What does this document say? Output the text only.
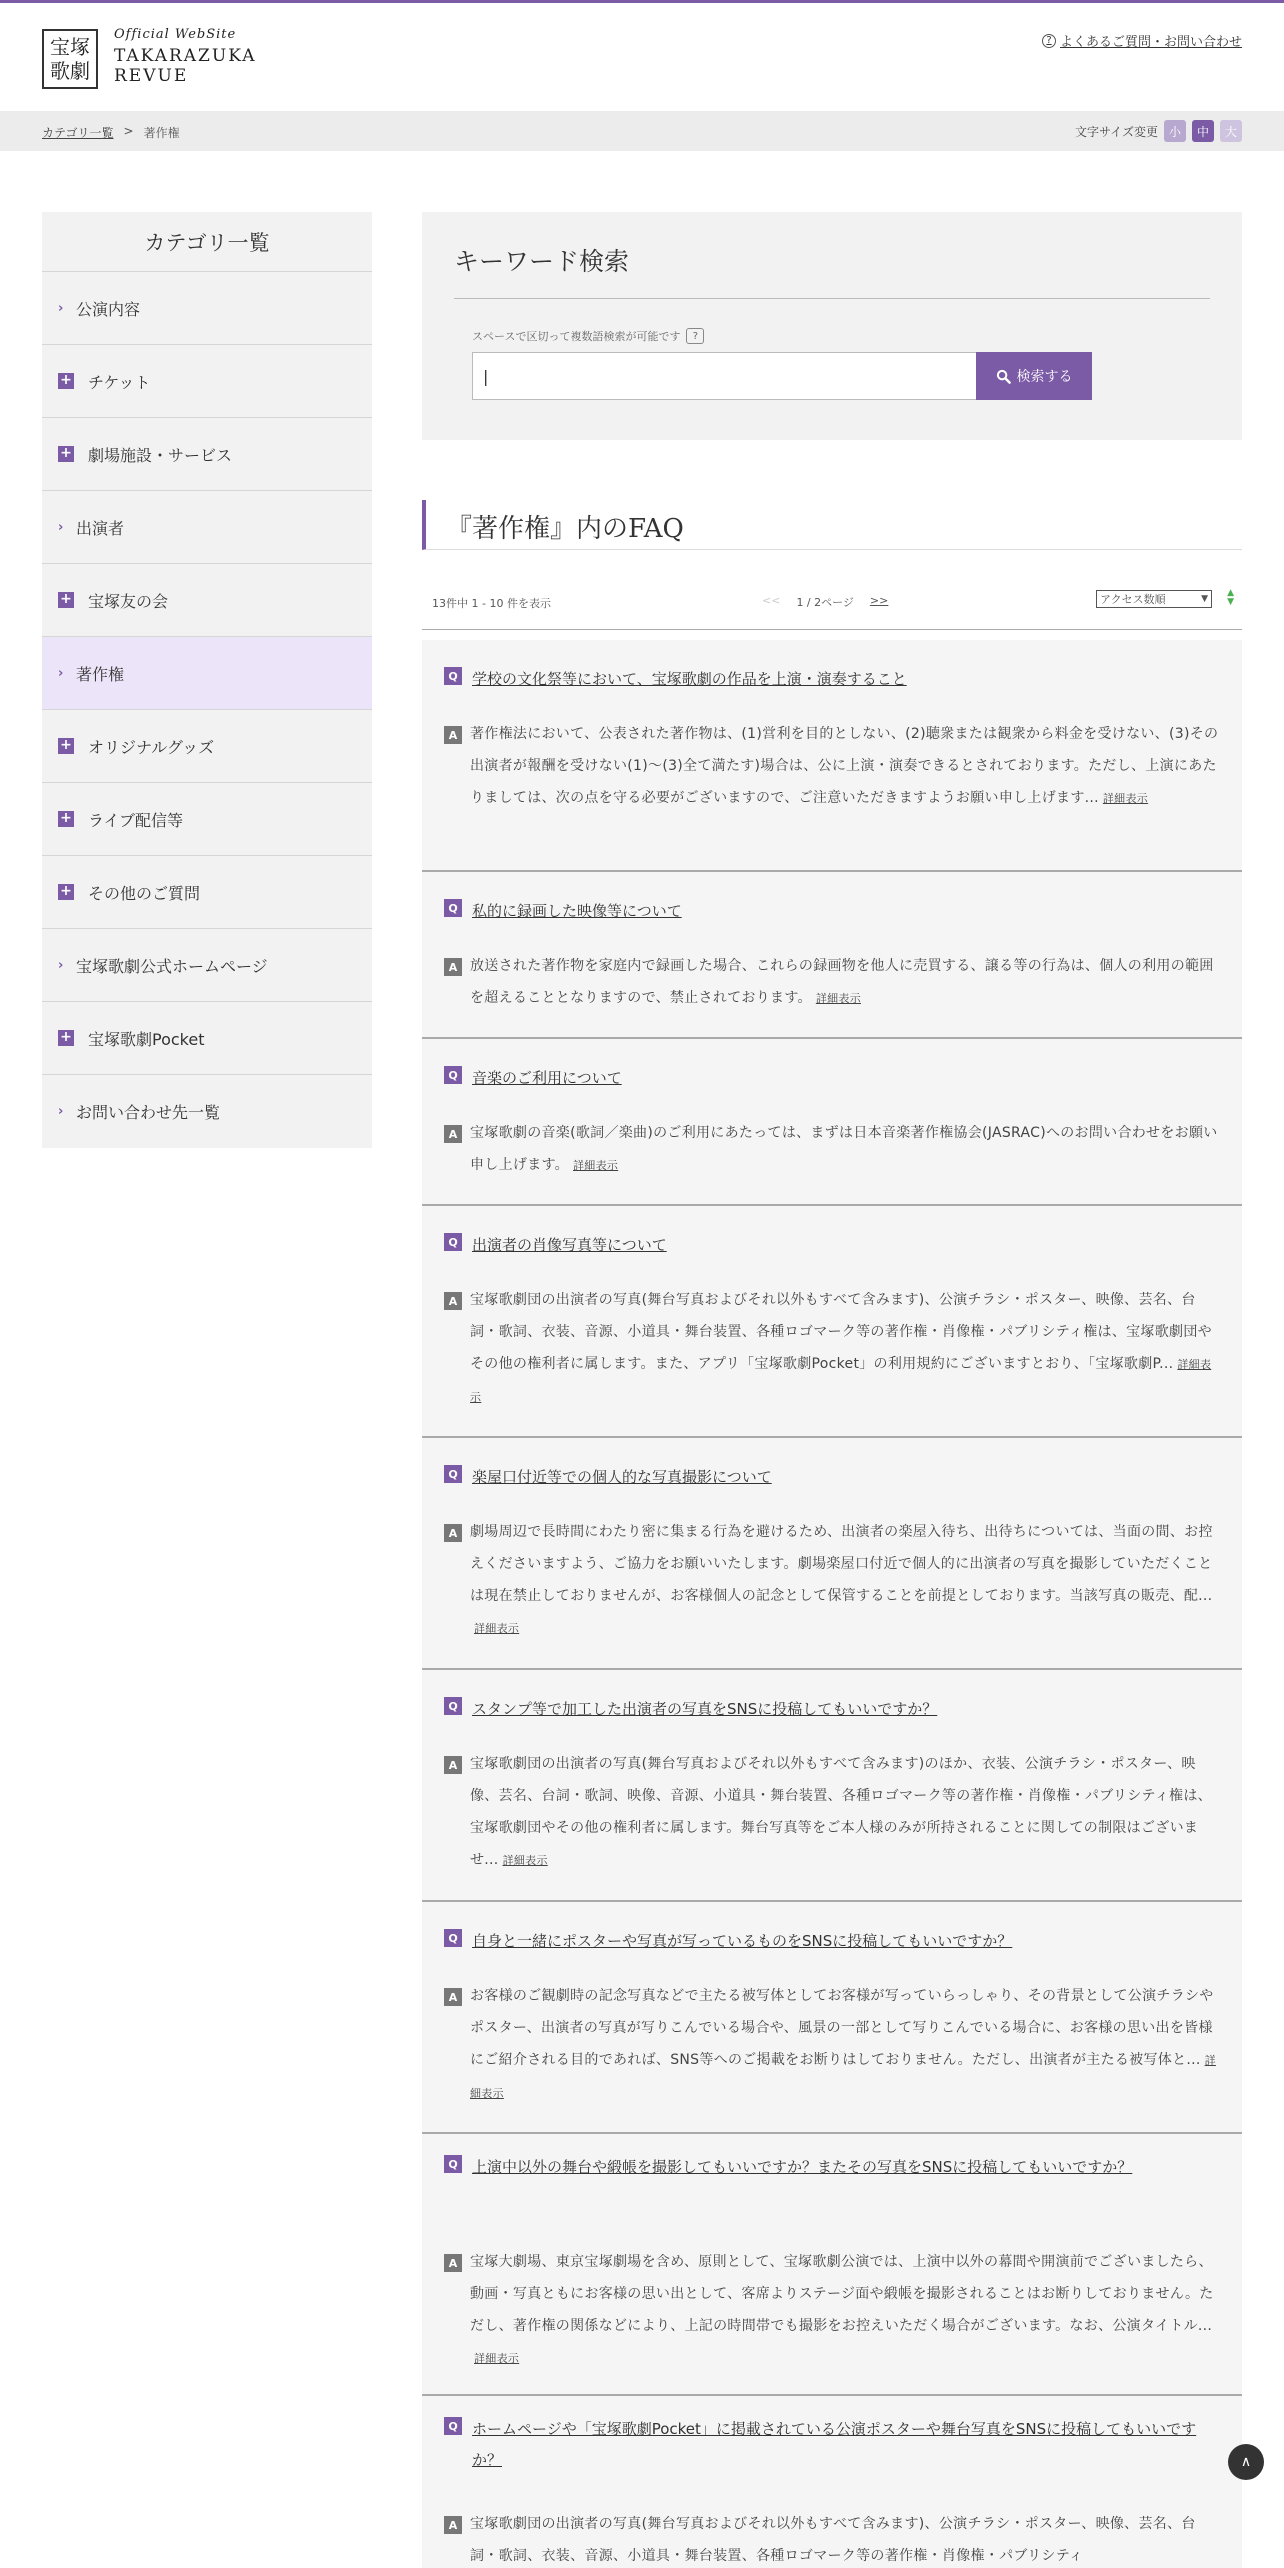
宝塚
歌劇
Official WebSite
TAKARAZUKA
REVUE
? よくあるご質問・お問い合わせ
カテゴリ一覧 > 著作権	文字サイズ変更 小	中	大
カテゴリ一覧
› 公演内容
+ チケット
+ 劇場施設・サービス
› 出演者
+ 宝塚友の会
› 著作権
+ オリジナルグッズ
+ ライブ配信等
+ その他のご質問
› 宝塚歌劇公式ホームページ
+ 宝塚歌劇Pocket
› お問い合わせ先一覧
キーワード検索
スペースで区切って複数語検索が可能です	?
|	検索する
『著作権』内のFAQ
13件中 1 - 10 件を表示	<< 1 / 2ページ >>	アクセス数順	▼
▲
▼
Q 学校の文化祭等において、宝塚歌劇の作品を上演・演奏すること
A 著作権法において、公表された著作物は、(1)営利を目的としない、(2)聴衆または観衆から料金を受けない、(3)その出演者が報酬を受けない(1)～(3)全て満たす)場合は、公に上演・演奏できるとされております。ただし、上演にあたりましては、次の点を守る必要がございますので、ご注意いただきますようお願い申し上げます... 詳細表示
Q 私的に録画した映像等について
A 放送された著作物を家庭内で録画した場合、これらの録画物を他人に売買する、譲る等の行為は、個人の利用の範囲を超えることとなりますので、禁止されております。 詳細表示
Q 音楽のご利用について
A 宝塚歌劇の音楽(歌詞／楽曲)のご利用にあたっては、まずは日本音楽著作権協会(JASRAC)へのお問い合わせをお願い申し上げます。 詳細表示
Q 出演者の肖像写真等について
A 宝塚歌劇団の出演者の写真(舞台写真およびそれ以外もすべて含みます)、公演チラシ・ポスター、映像、芸名、台詞・歌詞、衣装、音源、小道具・舞台装置、各種ロゴマーク等の著作権・肖像権・パブリシティ権は、宝塚歌劇団やその他の権利者に属します。また、アプリ「宝塚歌劇Pocket」の利用規約にございますとおり、「宝塚歌劇P... 詳細表示
Q 楽屋口付近等での個人的な写真撮影について
A 劇場周辺で長時間にわたり密に集まる行為を避けるため、出演者の楽屋入待ち、出待ちについては、当面の間、お控えくださいますよう、ご協力をお願いいたします。劇場楽屋口付近で個人的に出演者の写真を撮影していただくことは現在禁止しておりませんが、お客様個人の記念として保管することを前提としております。当該写真の販売、配...詳細表示
Q スタンプ等で加工した出演者の写真をSNSに投稿してもいいですか？
A 宝塚歌劇団の出演者の写真(舞台写真およびそれ以外もすべて含みます)のほか、衣装、公演チラシ・ポスター、映像、芸名、台詞・歌詞、映像、音源、小道具・舞台装置、各種ロゴマーク等の著作権・肖像権・パブリシティ権は、宝塚歌劇団やその他の権利者に属します。舞台写真等をご本人様のみが所持されることに関しての制限はございませ... 詳細表示
Q 自身と一緒にポスターや写真が写っているものをSNSに投稿してもいいですか？
A お客様のご観劇時の記念写真などで主たる被写体としてお客様が写っていらっしゃり、その背景として公演チラシやポスター、出演者の写真が写りこんでいる場合や、風景の一部として写りこんでいる場合に、お客様の思い出を皆様にご紹介される目的であれば、SNS等へのご掲載をお断りはしておりません。ただし、出演者が主たる被写体と... 詳細表示
Q 上演中以外の舞台や緞帳を撮影してもいいですか？またその写真をSNSに投稿してもいいですか？
A 宝塚大劇場、東京宝塚劇場を含め、原則として、宝塚歌劇公演では、上演中以外の幕間や開演前でございましたら、動画・写真ともにお客様の思い出として、客席よりステージ面や緞帳を撮影されることはお断りしておりません。ただし、著作権の関係などにより、上記の時間帯でも撮影をお控えいただく場合がございます。なお、公演タイトル...詳細表示
Q ホームページや「宝塚歌劇Pocket」に掲載されている公演ポスターや舞台写真をSNSに投稿してもいいですか？
A 宝塚歌劇団の出演者の写真(舞台写真およびそれ以外もすべて含みます)、公演チラシ・ポスター、映像、芸名、台詞・歌詞、衣装、音源、小道具・舞台装置、各種ロゴマーク等の著作権・肖像権・パブリシティ
∧
